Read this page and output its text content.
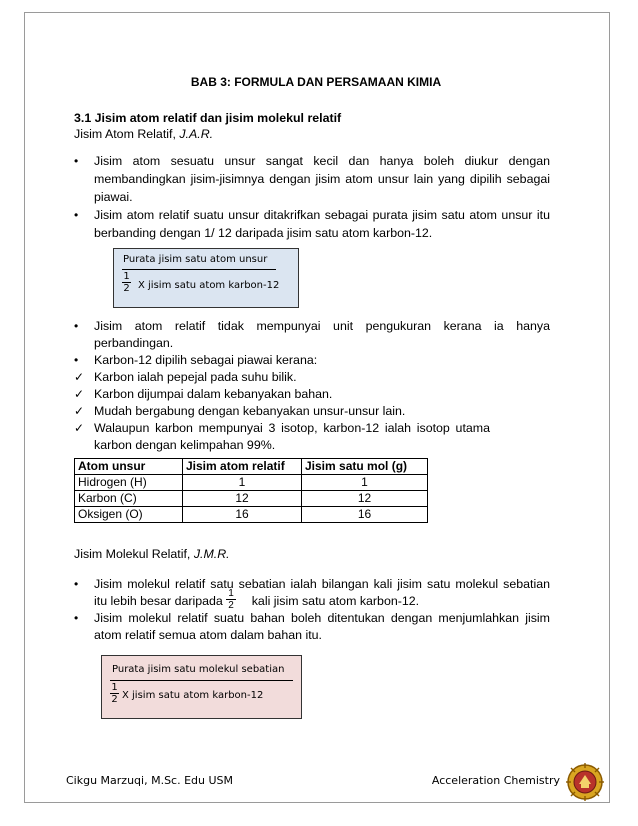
BAB 3: FORMULA DAN PERSAMAAN KIMIA
3.1 Jisim atom relatif dan jisim molekul relatif
Jisim Atom Relatif, J.A.R.
•
Jisim atom sesuatu unsur sangat kecil dan hanya boleh diukur dengan
membandingkan jisim-jisimnya dengan jisim atom unsur lain yang dipilih sebagai
piawai.
•
Jisim atom relatif suatu unsur ditakrifkan sebagai purata jisim satu atom unsur itu
berbanding dengan 1/ 12 daripada jisim satu atom karbon-12.
Purata jisim satu atom unsur
$\frac{1}{2}$ X jisim satu atom karbon-12
•
Jisim atom relatif tidak mempunyai unit pengukuran kerana ia hanya
perbandingan.
•
Karbon-12 dipilih sebagai piawai kerana:
✓ Karbon ialah pepejal pada suhu bilik.
✓ Karbon dijumpai dalam kebanyakan bahan.
✓ Mudah bergabung dengan kebanyakan unsur-unsur lain.
✓ Walaupun karbon mempunyai 3 isotop, karbon-12 ialah isotop utama
karbon dengan kelimpahan 99%.
Atom unsur	Jisim atom relatif	Jisim satu mol (g)
Hidrogen (H)	1	1
Karbon (C)	12	12
Oksigen (O)	16	16
Jisim Molekul Relatif, J.M.R.
•
Jisim molekul relatif satu sebatian ialah bilangan kali jisim satu molekul sebatian
itu lebih besar daripada kali jisim satu atom karbon-12.
$\frac{1}{2}$
•
Jisim molekul relatif suatu bahan boleh ditentukan dengan menjumlahkan jisim
atom relatif semua atom dalam bahan itu.
Purata jisim satu molekul sebatian
$\frac{1}{2}$ X jisim satu atom karbon-12
Cikgu Marzuqi, M.Sc. Edu USM	Acceleration Chemistry
